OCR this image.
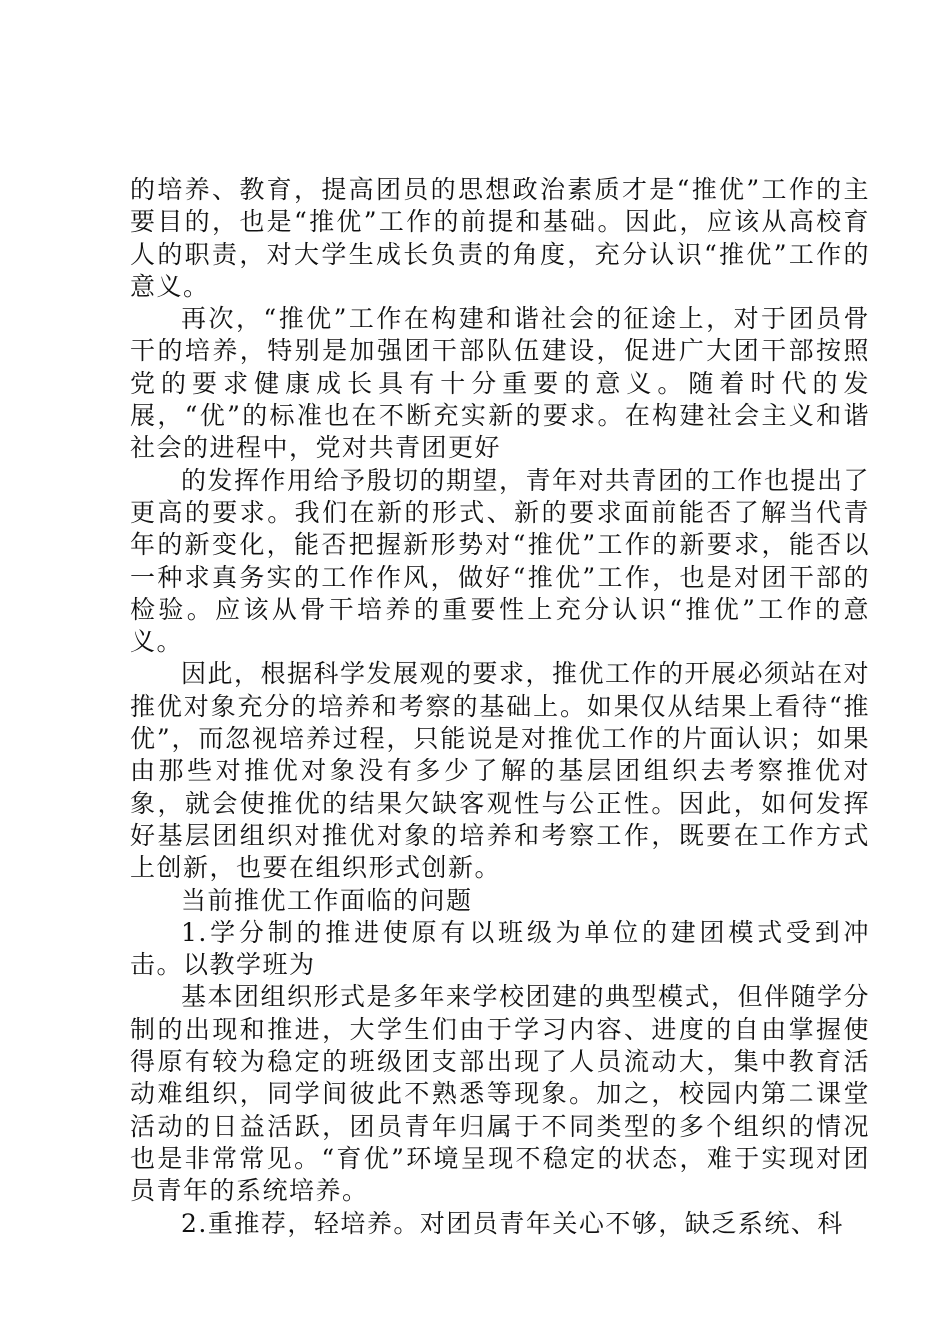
的培养、教育，提高团员的思想政治素质才是“推优”工作的主要目的，也是“推优”工作的前提和基础。因此，应该从高校育人的职责，对大学生成长负责的角度，充分认识“推优”工作的意义。

再次，“推优”工作在构建和谐社会的征途上，对于团员骨干的培养，特别是加强团干部队伍建设，促进广大团干部按照党的要求健康成长具有十分重要的意义。随着时代的发展，“优”的标准也在不断充实新的要求。在构建社会主义和谐社会的进程中，党对共青团更好

的发挥作用给予殷切的期望，青年对共青团的工作也提出了更高的要求。我们在新的形式、新的要求面前能否了解当代青年的新变化，能否把握新形势对“推优”工作的新要求，能否以一种求真务实的工作作风，做好“推优”工作，也是对团干部的检验。应该从骨干培养的重要性上充分认识“推优”工作的意义。

因此，根据科学发展观的要求，推优工作的开展必须站在对推优对象充分的培养和考察的基础上。如果仅从结果上看待“推优”，而忽视培养过程，只能说是对推优工作的片面认识；如果由那些对推优对象没有多少了解的基层团组织去考察推优对象，就会使推优的结果欠缺客观性与公正性。因此，如何发挥好基层团组织对推优对象的培养和考察工作，既要在工作方式上创新，也要在组织形式创新。

当前推优工作面临的问题

1.学分制的推进使原有以班级为单位的建团模式受到冲击。以教学班为

基本团组织形式是多年来学校团建的典型模式，但伴随学分制的出现和推进，大学生们由于学习内容、进度的自由掌握使得原有较为稳定的班级团支部出现了人员流动大，集中教育活动难组织，同学间彼此不熟悉等现象。加之，校园内第二课堂活动的日益活跃，团员青年归属于不同类型的多个组织的情况也是非常常见。“育优”环境呈现不稳定的状态，难于实现对团员青年的系统培养。

2.重推荐，轻培养。对团员青年关心不够，缺乏系统、科
